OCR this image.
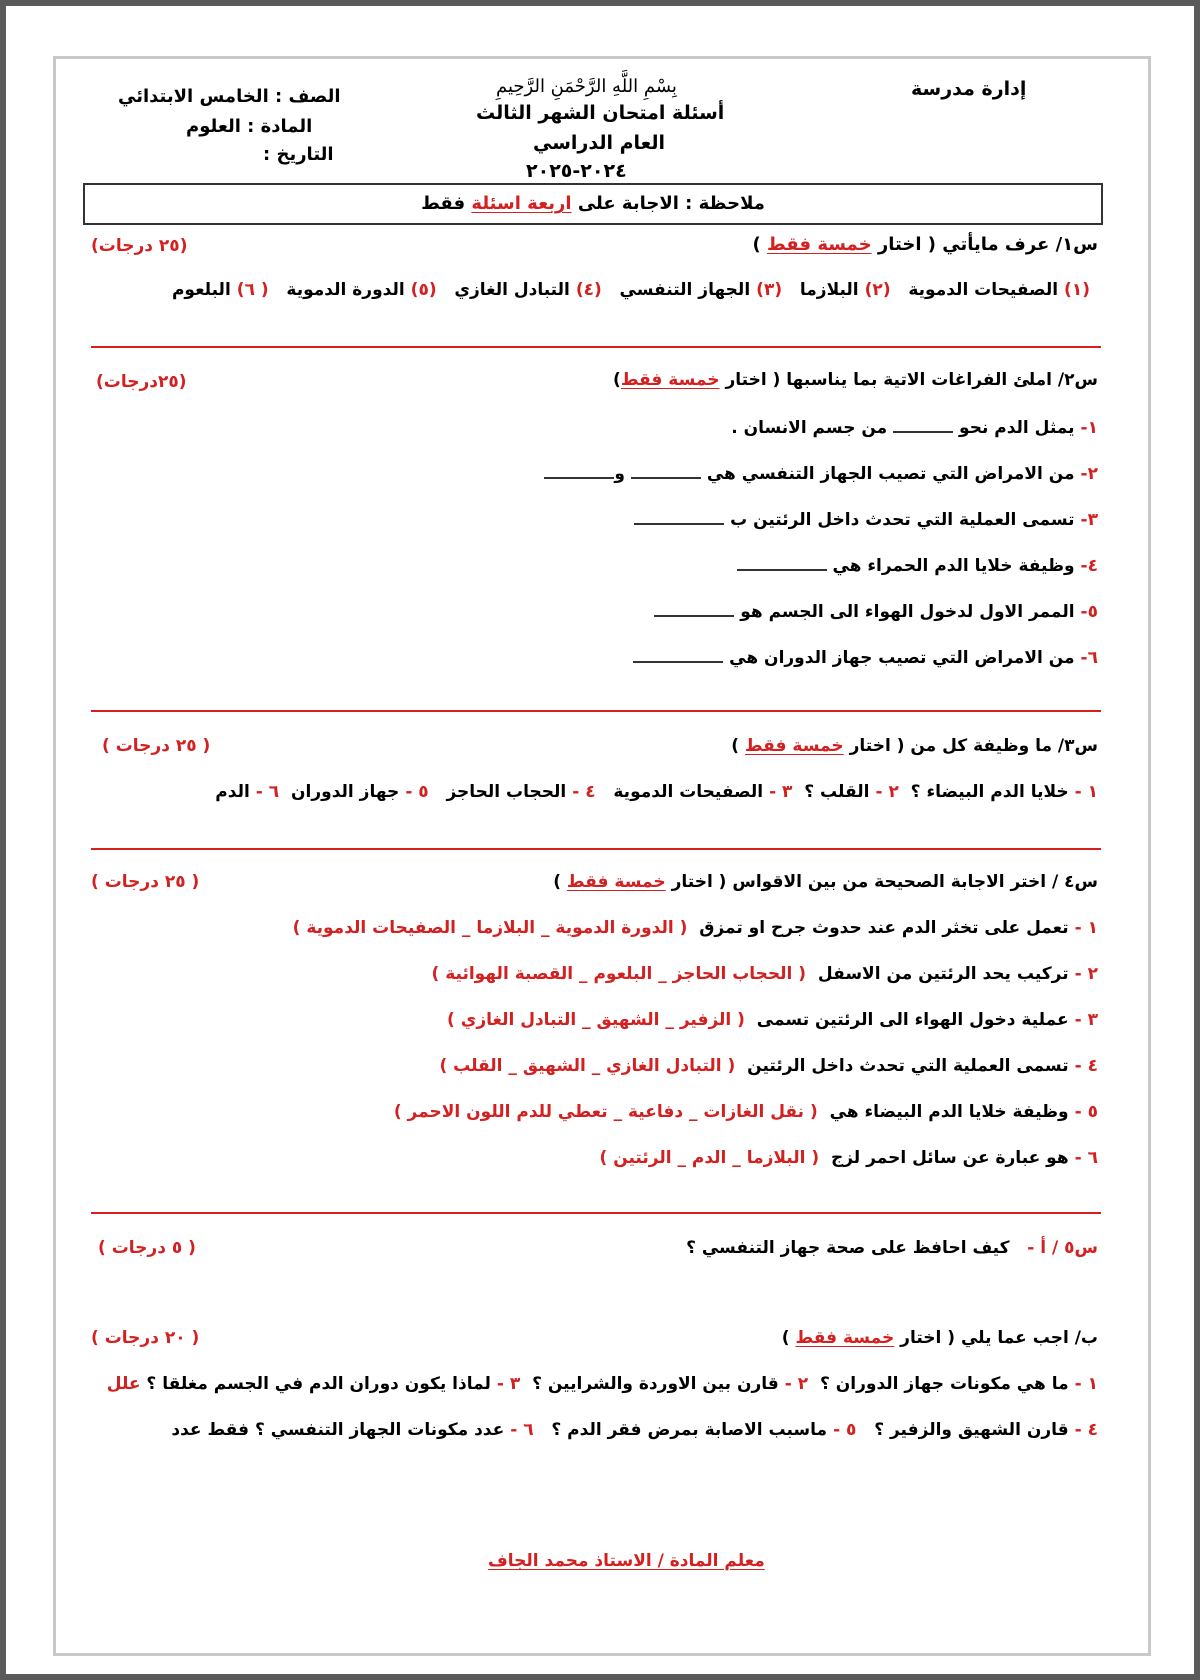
بِسْمِ اللَّهِ الرَّحْمَنِ الرَّحِيمِ	إدارة مدرسة
أسئلة امتحان الشهر الثالث
العام الدراسي
٢٠٢٤-٢٠٢٥
الصف : الخامس الابتدائي
المادة : العلوم
التاريخ :
ملاحظة : الاجابة على اربعة اسئلة فقط
س١/ عرف مايأتي ( اختار خمسة فقط )
(٢٥ درجات)
(١)الصفيحات الدموية   (٢)البلازما   (٣)الجهاز التنفسي   (٤)التبادل الغازي   (٥)الدورة الدموية   ( ٦)البلعوم
س٢/ املئ الفراغات الاتية بما يناسبها ( اختار خمسة فقط)
(٢٥درجات)
١-يمثل الدم نحو  من جسم الانسان .
٢-من الامراض التي تصيب الجهاز التنفسي هي  و
٣-تسمى العملية التي تحدث داخل الرئتين ب
٤-وظيفة خلايا الدم الحمراء هي
٥-الممر الاول لدخول الهواء الى الجسم هو
٦-من الامراض التي تصيب جهاز الدوران هي
س٣/ ما وظيفة كل من ( اختار خمسة فقط )
( ٢٥ درجات )
١ -خلايا الدم البيضاء ؟  ٢ -القلب ؟  ٣ -الصفيحات الدموية   ٤ -الحجاب الحاجز   ٥ -جهاز الدوران  ٦ -الدم
س٤ / اختر الاجابة الصحيحة من بين الاقواس ( اختار خمسة فقط )
( ٢٥ درجات )
١ -تعمل على تخثر الدم عند حدوث جرح او تمزق  ( الدورة الدموية _ البلازما _ الصفيحات الدموية )
٢ -تركيب يحد الرئتين من الاسفل  ( الحجاب الحاجز _ البلعوم _ القصبة الهوائية )
٣ -عملية دخول الهواء الى الرئتين تسمى  ( الزفير _ الشهيق _ التبادل الغازي )
٤ -تسمى العملية التي تحدث داخل الرئتين  ( التبادل الغازي _ الشهيق _ القلب )
٥ -وظيفة خلايا الدم البيضاء هي  ( نقل الغازات _ دفاعية _ تعطي للدم اللون الاحمر )
٦ -هو عبارة عن سائل احمر لزج  ( البلازما _ الدم _ الرئتين )
س٥ / أ -   كيف احافظ على صحة جهاز التنفسي ؟
( ٥ درجات )
ب/ اجب عما يلي ( اختار خمسة فقط )
( ٢٠ درجات )
١ -ما هي مكونات جهاز الدوران ؟  ٢ -قارن بين الاوردة والشرايين ؟  ٣ -لماذا يكون دوران الدم في الجسم مغلقا ؟ علل
٤ -قارن الشهيق والزفير ؟   ٥ -ماسبب الاصابة بمرض فقر الدم ؟   ٦ -عدد مكونات الجهاز التنفسي ؟ فقط عدد
معلم المادة / الاستاذ محمد الجاف
